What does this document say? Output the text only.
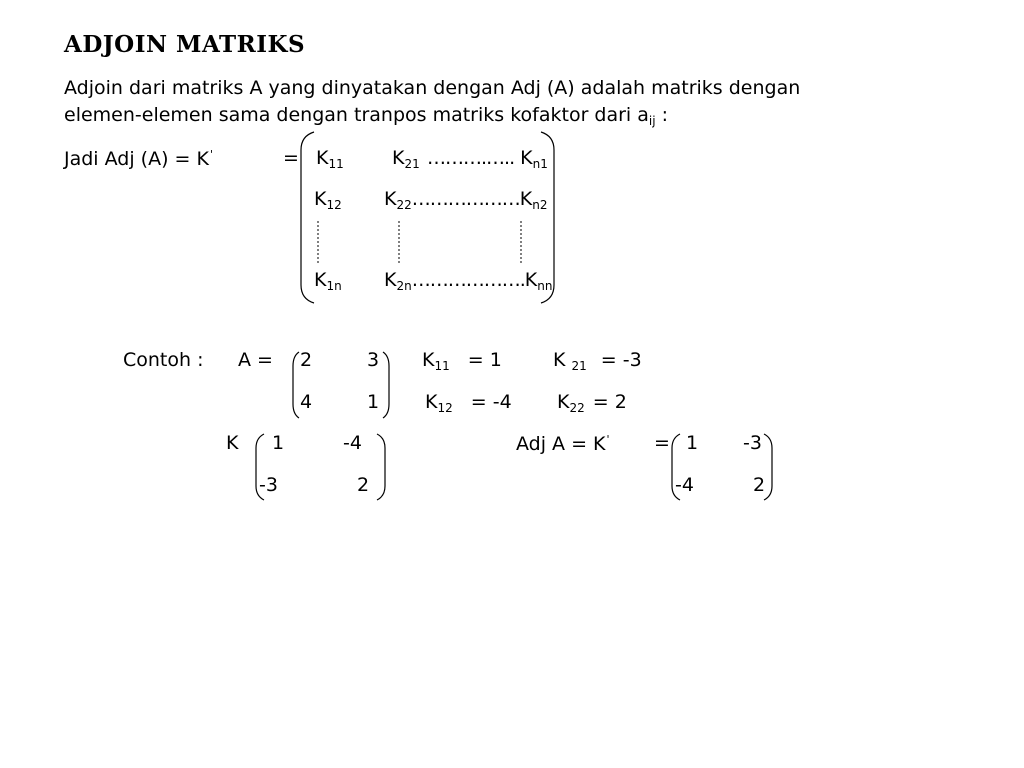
ADJOIN MATRIKS
Adjoin dari matriks A yang dinyatakan dengan Adj (A) adalah matriks dengan
elemen-elemen sama dengan tranpos matriks kofaktor dari $a_{ij}$ :
Jadi Adj (A) = K'	= $K_{11}$	$K_{21}$ ……….….. $K_{n1}$
$K_{12}$ $K_{22}\dots\dots\dots\dots\dots\dots K_{n2}$
$K_{1n}$ $K_{2n}\dots\dots\dots\dots\dots\dots.K_{nn}$
Contoh : A = 2	3
4	1
$K_{11} = 1$	K $_{21}$ = -3
$K_{12} = -4$ $K_{22} = 2$
K 1	-4
-3	2
Adj A = K' = 1 -3
-4	2
